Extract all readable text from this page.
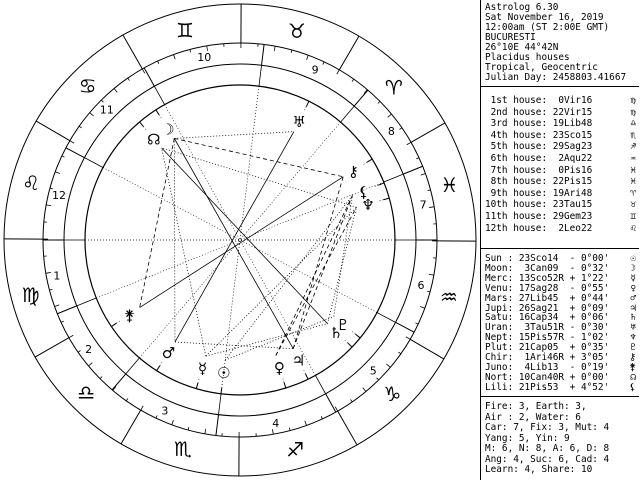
♈
♉
♊
♋
♌
♍
♎
♏	♐
♑
♒
♓
1
2
3
4
5
6
7
8
9
10
11
12
☉
☽
☿	♀
♂	♃
♄
♅
♆
♇
⚷
⚵
☊
⚸
Astrolog 6.30
Sat November 16, 2019
12:00am (ST 2:00E GMT)
BUCURESTI
26°10E 44°42N
Placidus houses
Tropical, Geocentric
Julian Day: 2458803.41667
1st house:  0Vir16	♍
2nd house: 22Vir15	♍
3rd house: 19Lib48	♎
4th house: 23Sco15	♏
5th house: 29Sag23	♐
6th house:  2Aqu22	♒
7th house:  0Pis16	♓
8th house: 22Pis15	♓
9th house: 19Ari48	♈
10th house: 23Tau15	♉
11th house: 29Gem23	♊
12th house:  2Leo22	♌
Sun : 23Sco14  - 0°00' ☉
Moon:  3Can09  - 0°32' ☽
Merc: 13Sco52R + 1°22' ☿
Venu: 17Sag28  - 0°55' ♀
Mars: 27Lib45  + 0°44' ♂
Jupi: 26Sag21  + 0°09' ♃
Satu: 16Cap34  + 0°06' ♄
Uran:  3Tau51R - 0°30' ♅
Nept: 15Pis57R - 1°02' ♆
Plut: 21Cap05  + 0°35' ♇
Chir:  1Ari46R + 3°05' ⚷
Juno:  4Lib13  - 0°19' ⚵
Nort: 10Can40R + 0°00' ☊
Lili: 21Pis53  + 4°52' ⚸
Fire: 3, Earth: 3,
Air : 2, Water: 6
Car: 7, Fix: 3, Mut: 4
Yang: 5, Yin: 9
M: 6, N: 8, A: 6, D: 8
Ang: 4, Suc: 6, Cad: 4
Learn: 4, Share: 10
